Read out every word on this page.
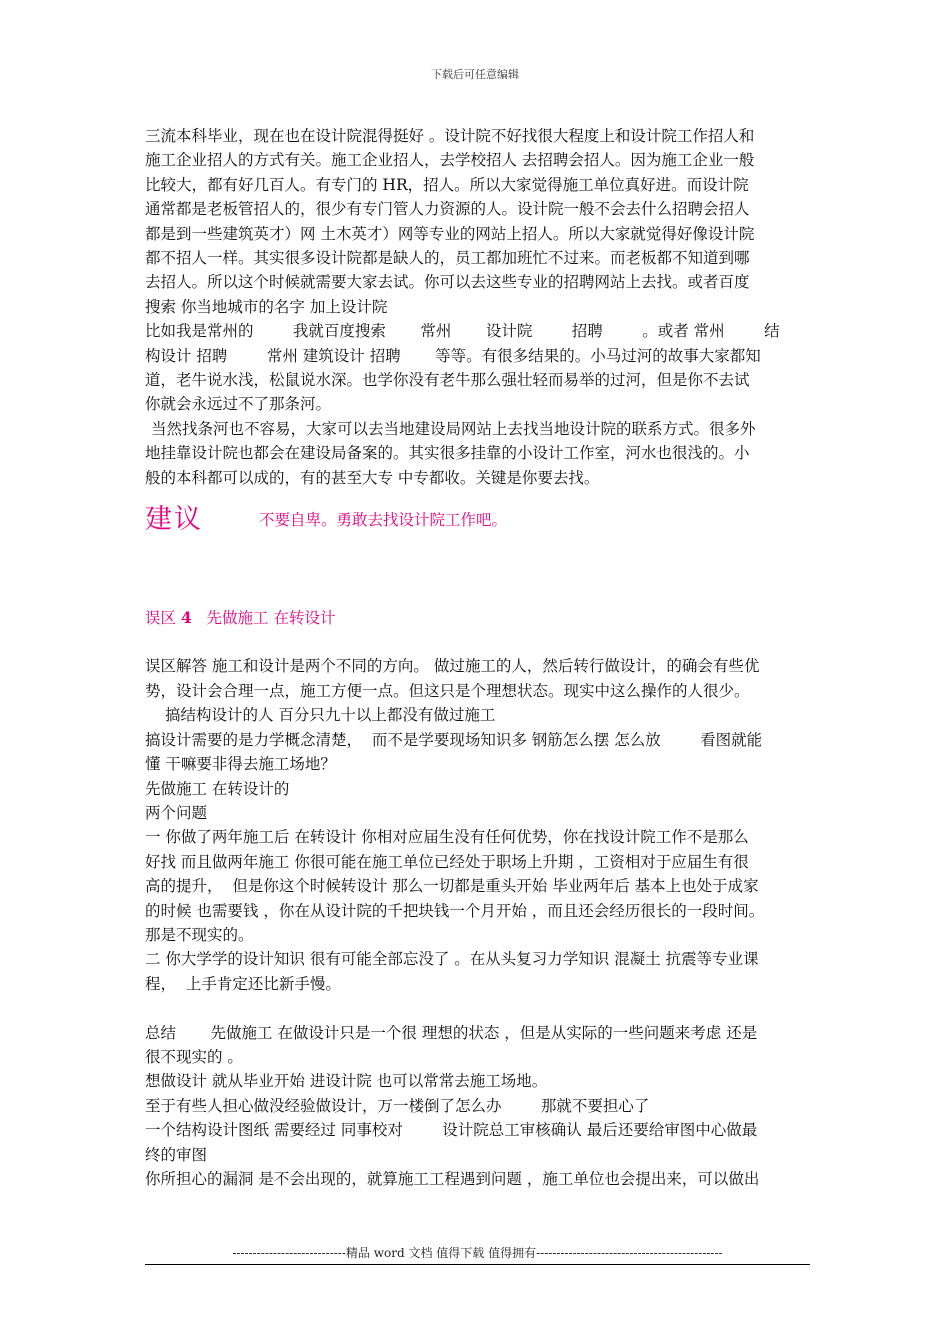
下载后可任意编辑

三流本科毕业，现在也在设计院混得挺好 。设计院不好找很大程度上和设计院工作招人和

施工企业招人的方式有关。施工企业招人，去学校招人 去招聘会招人。因为施工企业一般

比较大，都有好几百人。有专门的 HR，招人。所以大家觉得施工单位真好进。而设计院

通常都是老板管招人的，很少有专门管人力资源的人。设计院一般不会去什么招聘会招人

都是到一些建筑英才）网 土木英才）网等专业的网站上招人。所以大家就觉得好像设计院

都不招人一样。其实很多设计院都是缺人的，员工都加班忙不过来。而老板都不知道到哪

去招人。所以这个时候就需要大家去试。你可以去这些专业的招聘网站上去找。或者百度

搜索 你当地城市的名字 加上设计院

比如我是常州的        我就百度搜索       常州       设计院        招聘        。或者 常州        结

构设计 招聘        常州 建筑设计 招聘       等等。有很多结果的。小马过河的故事大家都知

道，老牛说水浅，松鼠说水深。也学你没有老牛那么强壮轻而易举的过河，但是你不去试

你就会永远过不了那条河。

当然找条河也不容易，大家可以去当地建设局网站上去找当地设计院的联系方式。很多外

地挂靠设计院也都会在建设局备案的。其实很多挂靠的小设计工作室，河水也很浅的。小

般的本科都可以成的，有的甚至大专 中专都收。关键是你要去找。

建议	不要自卑。勇敢去找设计院工作吧。
误区 4 先做施工 在转设计

误区解答 施工和设计是两个不同的方向。 做过施工的人，然后转行做设计，的确会有些优

势，设计会合理一点，施工方便一点。但这只是个理想状态。现实中这么操作的人很少。

搞结构设计的人 百分只九十以上都没有做过施工

搞设计需要的是力学概念清楚，  而不是学要现场知识多 钢筋怎么摆 怎么放        看图就能

懂 干嘛要非得去施工场地？

先做施工 在转设计的

两个问题

一 你做了两年施工后 在转设计 你相对应届生没有任何优势，你在找设计院工作不是那么

好找 而且做两年施工 你很可能在施工单位已经处于职场上升期 ，工资相对于应届生有很

高的提升，  但是你这个时候转设计 那么一切都是重头开始 毕业两年后 基本上也处于成家

的时候 也需要钱 ，你在从设计院的千把块钱一个月开始 ，而且还会经历很长的一段时间。

那是不现实的。

二 你大学学的设计知识 很有可能全部忘没了 。在从头复习力学知识 混凝土 抗震等专业课

程，  上手肯定还比新手慢。

总结       先做施工 在做设计只是一个很 理想的状态 ，但是从实际的一些问题来考虑 还是

很不现实的 。

想做设计 就从毕业开始 进设计院 也可以常常去施工场地。

至于有些人担心做没经验做设计，万一楼倒了怎么办        那就不要担心了

一个结构设计图纸 需要经过 同事校对        设计院总工审核确认 最后还要给审图中心做最

终的审图

你所担心的漏洞 是不会出现的，就算施工工程遇到问题 ，施工单位也会提出来，可以做出

----------------------------精品 word 文档 值得下载 值得拥有----------------------------------------------
